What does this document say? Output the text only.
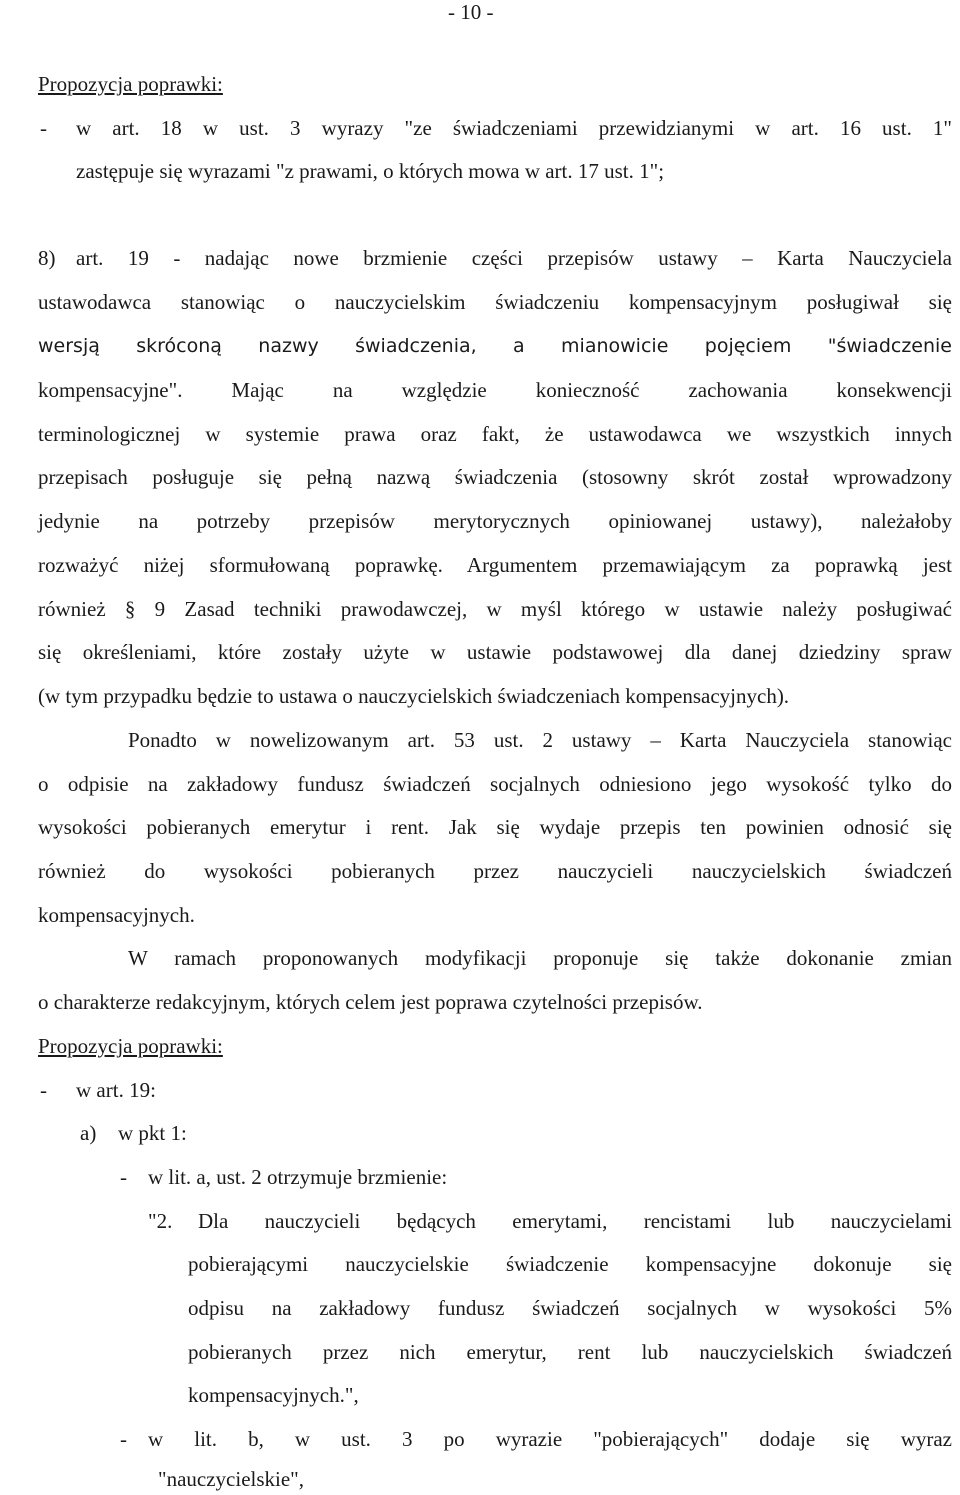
- 10 -
Propozycja poprawki:
- w art. 18 w ust. 3 wyrazy "ze świadczeniami przewidzianymi w art. 16 ust. 1"
zastępuje się wyrazami "z prawami, o których mowa w art. 17 ust. 1";
8) art. 19 - nadając nowe brzmienie części przepisów ustawy – Karta Nauczyciela
ustawodawca stanowiąc o nauczycielskim świadczeniu kompensacyjnym posługiwał się
wersją skróconą nazwy świadczenia, a mianowicie pojęciem "świadczenie
kompensacyjne". Mając na względzie konieczność zachowania konsekwencji
terminologicznej w systemie prawa oraz fakt, że ustawodawca we wszystkich innych
przepisach posługuje się pełną nazwą świadczenia (stosowny skrót został wprowadzony
jedynie na potrzeby przepisów merytorycznych opiniowanej ustawy), należałoby
rozważyć niżej sformułowaną poprawkę. Argumentem przemawiającym za poprawką jest
również § 9 Zasad techniki prawodawczej, w myśl którego w ustawie należy posługiwać
się określeniami, które zostały użyte w ustawie podstawowej dla danej dziedziny spraw
(w tym przypadku będzie to ustawa o nauczycielskich świadczeniach kompensacyjnych).
Ponadto w nowelizowanym art. 53 ust. 2 ustawy – Karta Nauczyciela stanowiąc
o odpisie na zakładowy fundusz świadczeń socjalnych odniesiono jego wysokość tylko do
wysokości pobieranych emerytur i rent. Jak się wydaje przepis ten powinien odnosić się
również do wysokości pobieranych przez nauczycieli nauczycielskich świadczeń
kompensacyjnych.
W ramach proponowanych modyfikacji proponuje się także dokonanie zmian
o charakterze redakcyjnym, których celem jest poprawa czytelności przepisów.
Propozycja poprawki:
- w art. 19:
a) w pkt 1:
- w lit. a, ust. 2 otrzymuje brzmienie:
"2. Dla nauczycieli będących emerytami, rencistami lub nauczycielami
pobierającymi nauczycielskie świadczenie kompensacyjne dokonuje się
odpisu na zakładowy fundusz świadczeń socjalnych w wysokości 5%
pobieranych przez nich emerytur, rent lub nauczycielskich świadczeń
kompensacyjnych.",
- w lit. b, w ust. 3 po wyrazie "pobierających" dodaje się wyraz
"nauczycielskie",
